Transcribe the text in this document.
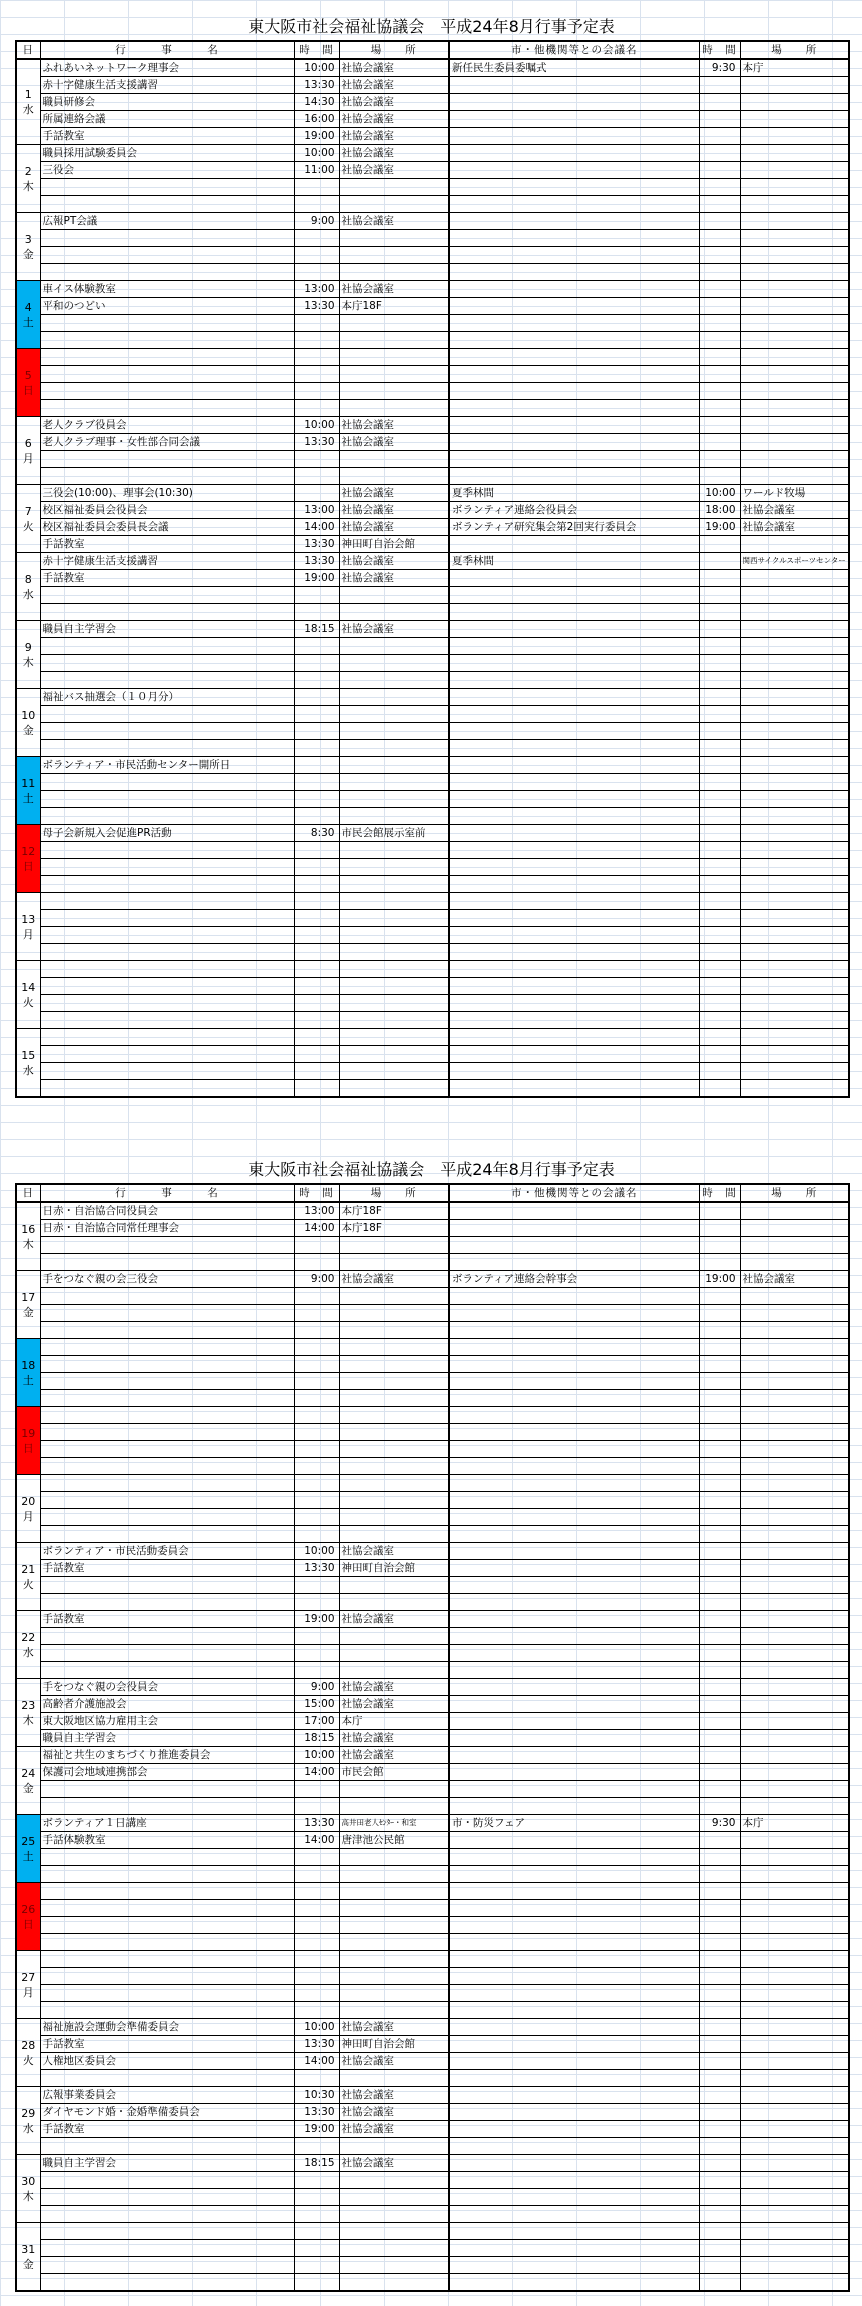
東大阪市社会福祉協議会　平成24年8月行事予定表
日	行　　　事　　　名	時　間	場　　所	市・他機関等との会議名	時　間	場　　所

1
水	ふれあいネットワーク理事会	10:00	社協会議室	新任民生委員委嘱式	9:30	本庁
	赤十字健康生活支援講習	13:30	社協会議室			
	職員研修会	14:30	社協会議室			
	所属連絡会議	16:00	社協会議室			
	手話教室	19:00	社協会議室			

2
木	職員採用試験委員会	10:00	社協会議室			
	三役会	11:00	社協会議室			

3
金	広報PT会議	9:00	社協会議室			

4
土	車イス体験教室	13:00	社協会議室			
	平和のつどい	13:30	本庁18F			

5
日						

6
月	老人クラブ役員会	10:00	社協会議室			
	老人クラブ理事・女性部合同会議	13:30	社協会議室			

7
火	三役会(10:00)、理事会(10:30)		社協会議室	夏季林間	10:00	ワールド牧場
	校区福祉委員会役員会	13:00	社協会議室	ボランティア連絡会役員会	18:00	社協会議室
	校区福祉委員会委員長会議	14:00	社協会議室	ボランティア研究集会第2回実行委員会	19:00	社協会議室
	手話教室	13:30	神田町自治会館			

8
水	赤十字健康生活支援講習	13:30	社協会議室	夏季林間		関西サイクルスポーツセンター
	手話教室	19:00	社協会議室			

9
木	職員自主学習会	18:15	社協会議室			

10
金	福祉バス抽選会（１０月分）					

11
土	ボランティア・市民活動センター開所日					

12
日	母子会新規入会促進PR活動	8:30	市民会館展示室前			

13
月						

14
火						

15
水						

東大阪市社会福祉協議会　平成24年8月行事予定表
日	行　　　事　　　名	時　間	場　　所	市・他機関等との会議名	時　間	場　　所

16
木	日赤・自治協合同役員会	13:00	本庁18F			
	日赤・自治協合同常任理事会	14:00	本庁18F			

17
金	手をつなぐ親の会三役会	9:00	社協会議室	ボランティア連絡会幹事会	19:00	社協会議室

18
土						

19
日						

20
月						

21
火	ボランティア・市民活動委員会	10:00	社協会議室			
	手話教室	13:30	神田町自治会館			

22
水	手話教室	19:00	社協会議室			

23
木	手をつなぐ親の会役員会	9:00	社協会議室			
	高齢者介護施設会	15:00	社協会議室			
	東大阪地区協力雇用主会	17:00	本庁			
	職員自主学習会	18:15	社協会議室			

24
金	福祉と共生のまちづくり推進委員会	10:00	社協会議室			
	保護司会地域連携部会	14:00	市民会館			

25
土	ボランティア１日講座	13:30	高井田老人ｾﾝﾀｰ・和室	市・防災フェア	9:30	本庁
	手話体験教室	14:00	唐津池公民館			

26
日						

27
月						

28
火	福祉施設会運動会準備委員会	10:00	社協会議室			
	手話教室	13:30	神田町自治会館			
	人権地区委員会	14:00	社協会議室			

29
水	広報事業委員会	10:30	社協会議室			
	ダイヤモンド婚・金婚準備委員会	13:30	社協会議室			
	手話教室	19:00	社協会議室			

30
木	職員自主学習会	18:15	社協会議室			

31
金						
